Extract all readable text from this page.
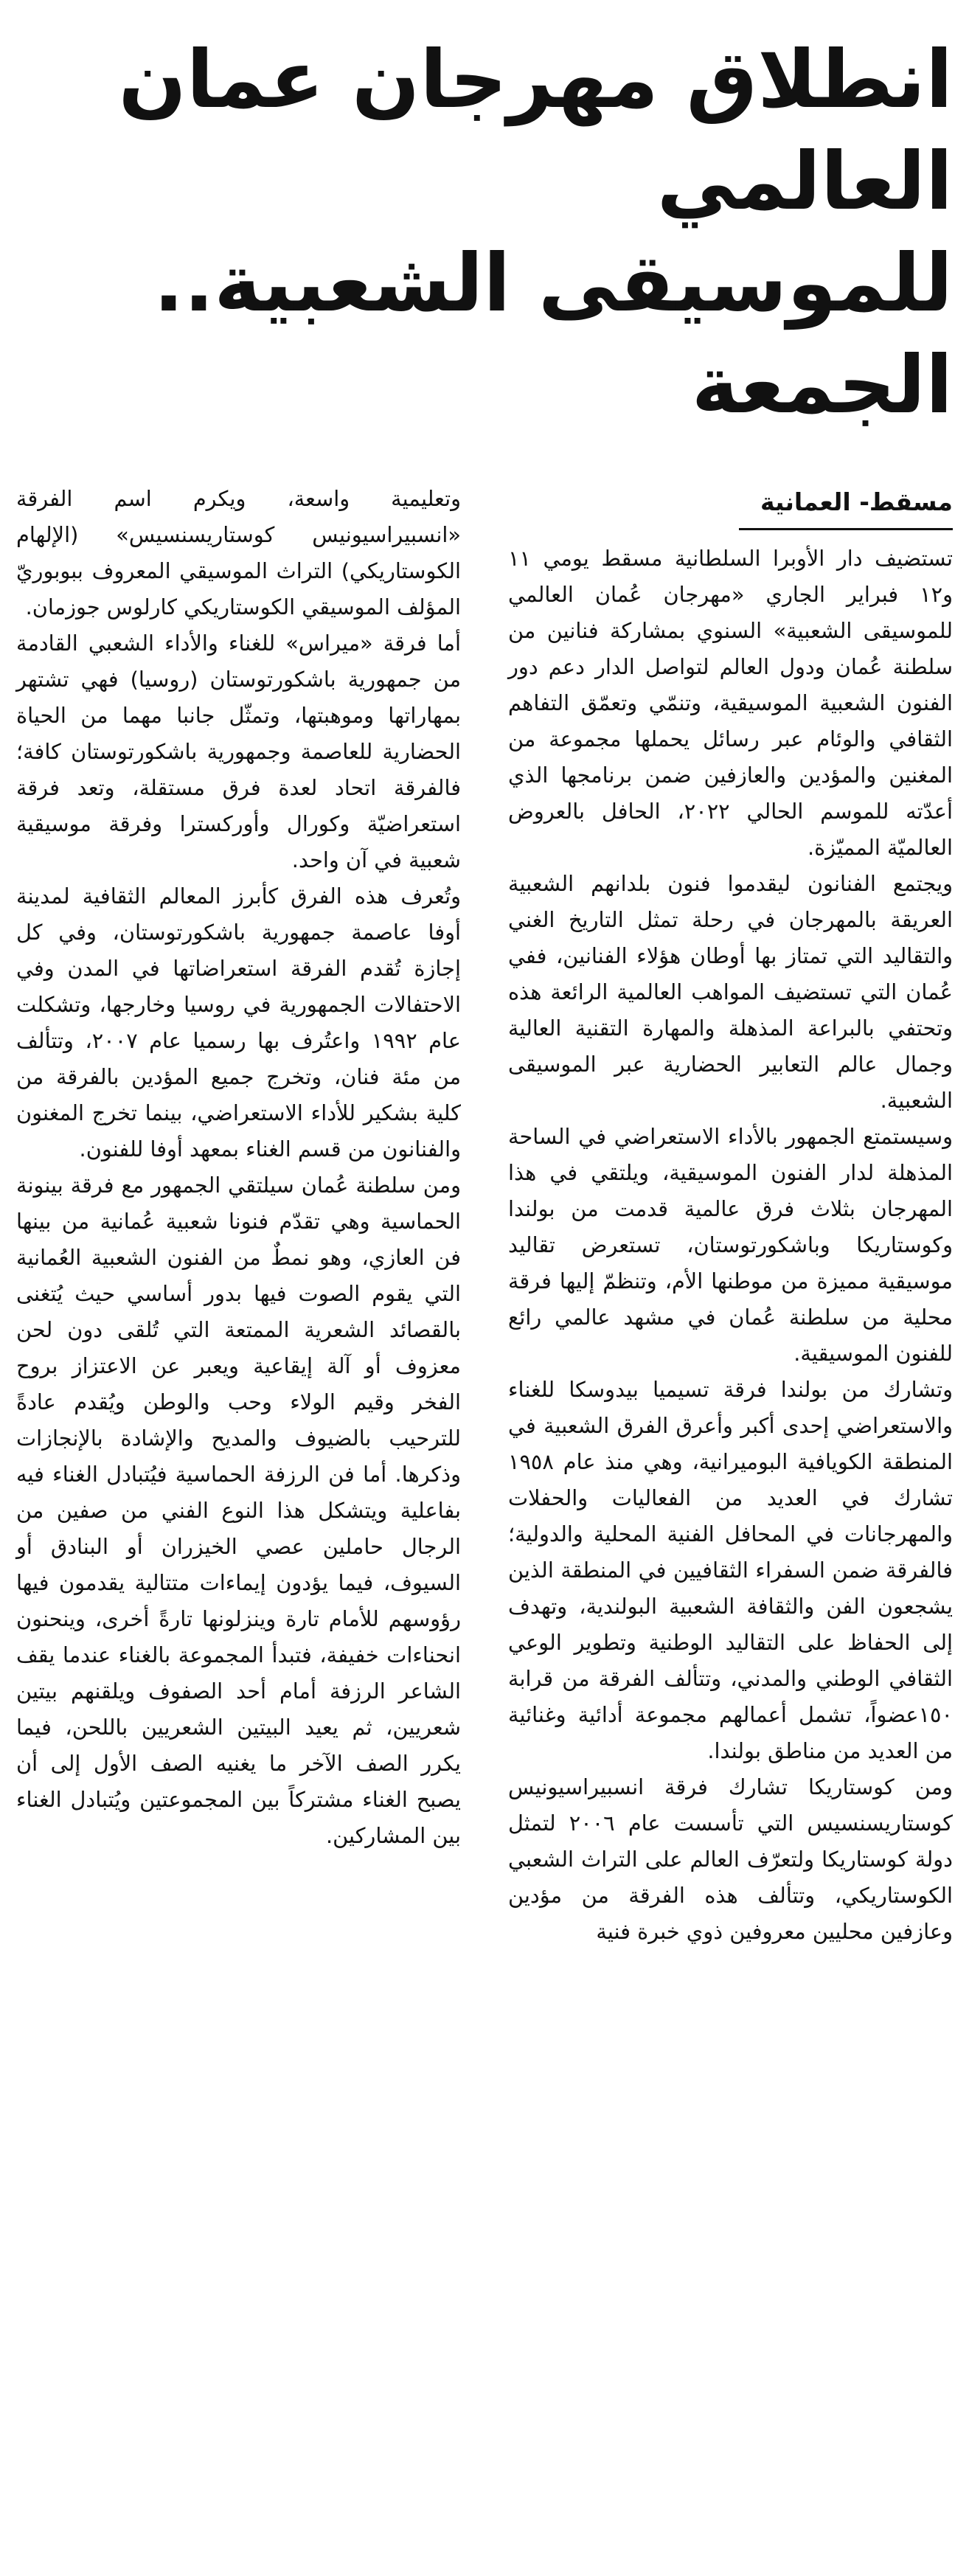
انطلاق مهرجان عمان العالمي
للموسيقى الشعبية.. الجمعة
مسقط- العمانية

تستضيف دار الأوبرا السلطانية مسقط يومي ١١ و١٢ فبراير الجاري «مهرجان عُمان العالمي للموسيقى الشعبية» السنوي بمشاركة فنانين من سلطنة عُمان ودول العالم لتواصل الدار دعم دور الفنون الشعبية الموسيقية، وتنمّي وتعمّق التفاهم الثقافي والوئام عبر رسائل يحملها مجموعة من المغنين والمؤدين والعازفين ضمن برنامجها الذي أعدّته للموسم الحالي ٢٠٢٢، الحافل بالعروض العالميّة المميّزة.

ويجتمع الفنانون ليقدموا فنون بلدانهم الشعبية العريقة بالمهرجان في رحلة تمثل التاريخ الغني والتقاليد التي تمتاز بها أوطان هؤلاء الفنانين، ففي عُمان التي تستضيف المواهب العالمية الرائعة هذه وتحتفي بالبراعة المذهلة والمهارة التقنية العالية وجمال عالم التعابير الحضارية عبر الموسيقى الشعبية.

وسيستمتع الجمهور بالأداء الاستعراضي في الساحة المذهلة لدار الفنون الموسيقية، ويلتقي في هذا المهرجان بثلاث فرق عالمية قدمت من بولندا وكوستاريكا وباشكورتوستان، تستعرض تقاليد موسيقية مميزة من موطنها الأم، وتنظمّ إليها فرقة محلية من سلطنة عُمان في مشهد عالمي رائع للفنون الموسيقية.

وتشارك من بولندا فرقة تسيميا بيدوسكا للغناء والاستعراضي إحدى أكبر وأعرق الفرق الشعبية في المنطقة الكويافية البوميرانية، وهي منذ عام ١٩٥٨ تشارك في العديد من الفعاليات والحفلات والمهرجانات في المحافل الفنية المحلية والدولية؛ فالفرقة ضمن السفراء الثقافيين في المنطقة الذين يشجعون الفن والثقافة الشعبية البولندية، وتهدف إلى الحفاظ على التقاليد الوطنية وتطوير الوعي الثقافي الوطني والمدني، وتتألف الفرقة من قرابة ١٥٠عضواً، تشمل أعمالهم مجموعة أدائية وغنائية من العديد من مناطق بولندا.

ومن كوستاريكا تشارك فرقة انسبيراسيونيس كوستاريسنسيس التي تأسست عام ٢٠٠٦ لتمثل دولة كوستاريكا ولتعرّف العالم على التراث الشعبي الكوستاريكي، وتتألف هذه الفرقة من مؤدين وعازفين محليين معروفين ذوي خبرة فنية

وتعليمية واسعة، ويكرم اسم الفرقة «انسبيراسيونيس كوستاريسنسيس» (الإلهام الكوستاريكي) التراث الموسيقي المعروف ببوبوريّ المؤلف الموسيقي الكوستاريكي كارلوس جوزمان.

أما فرقة «ميراس» للغناء والأداء الشعبي القادمة من جمهورية باشكورتوستان (روسيا) فهي تشتهر بمهاراتها وموهبتها، وتمثّل جانبا مهما من الحياة الحضارية للعاصمة وجمهورية باشكورتوستان كافة؛ فالفرقة اتحاد لعدة فرق مستقلة، وتعد فرقة استعراضيّة وكورال وأوركسترا وفرقة موسيقية شعبية في آن واحد.

وتُعرف هذه الفرق كأبرز المعالم الثقافية لمدينة أوفا عاصمة جمهورية باشكورتوستان، وفي كل إجازة تُقدم الفرقة استعراضاتها في المدن وفي الاحتفالات الجمهورية في روسيا وخارجها، وتشكلت عام ١٩٩٢ واعتُرف بها رسميا عام ٢٠٠٧، وتتألف من مئة فنان، وتخرج جميع المؤدين بالفرقة من كلية بشكير للأداء الاستعراضي، بينما تخرج المغنون والفنانون من قسم الغناء بمعهد أوفا للفنون.

ومن سلطنة عُمان سيلتقي الجمهور مع فرقة بينونة الحماسية وهي تقدّم فنونا شعبية عُمانية من بينها فن العازي، وهو نمطٌ من الفنون الشعبية العُمانية التي يقوم الصوت فيها بدور أساسي حيث يُتغنى بالقصائد الشعرية الممتعة التي تُلقى دون لحن معزوف أو آلة إيقاعية ويعبر عن الاعتزاز بروح الفخر وقيم الولاء وحب والوطن ويُقدم عادةً للترحيب بالضيوف والمديح والإشادة بالإنجازات وذكرها. أما فن الرزفة الحماسية فيُتبادل الغناء فيه بفاعلية ويتشكل هذا النوع الفني من صفين من الرجال حاملين عصي الخيزران أو البنادق أو السيوف، فيما يؤدون إيماءات متتالية يقدمون فيها رؤوسهم للأمام تارة وينزلونها تارةً أخرى، وينحنون انحناءات خفيفة، فتبدأ المجموعة بالغناء عندما يقف الشاعر الرزفة أمام أحد الصفوف ويلقنهم بيتين شعريين، ثم يعيد البيتين الشعريين باللحن، فيما يكرر الصف الآخر ما يغنيه الصف الأول إلى أن يصبح الغناء مشتركاً بين المجموعتين ويُتبادل الغناء بين المشاركين.
